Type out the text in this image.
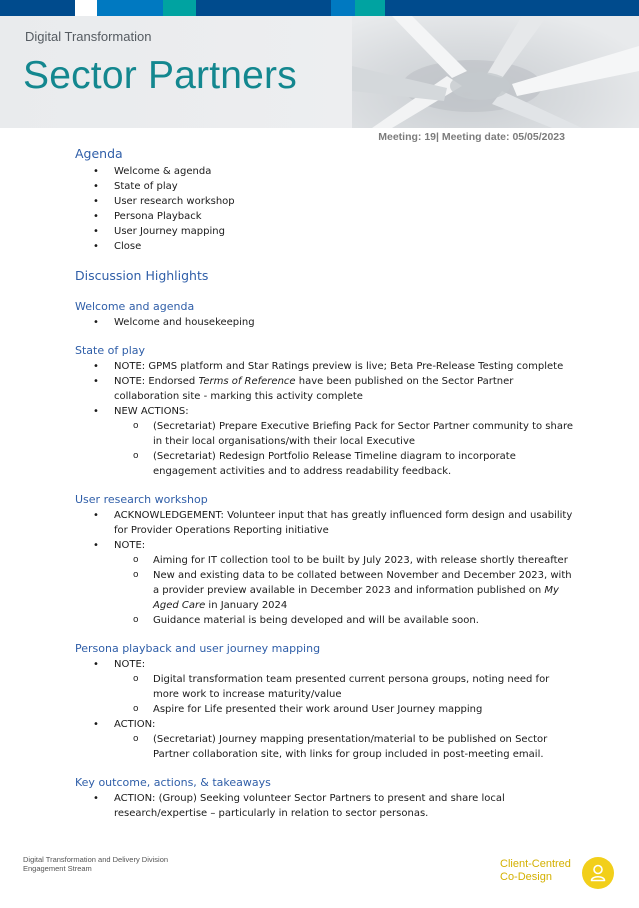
Digital Transformation
Sector Partners
Meeting: 19| Meeting date: 05/05/2023
Agenda
• Welcome & agenda
• State of play
• User research workshop
• Persona Playback
• User Journey mapping
• Close
Discussion Highlights
Welcome and agenda
• Welcome and housekeeping
State of play
• NOTE: GPMS platform and Star Ratings preview is live; Beta Pre-Release Testing complete
• NOTE: Endorsed Terms of Reference have been published on the Sector Partner collaboration site - marking this activity complete
• NEW ACTIONS:
o (Secretariat) Prepare Executive Briefing Pack for Sector Partner community to share in their local organisations/with their local Executive
o (Secretariat) Redesign Portfolio Release Timeline diagram to incorporate engagement activities and to address readability feedback.
User research workshop
• ACKNOWLEDGEMENT: Volunteer input that has greatly influenced form design and usability for Provider Operations Reporting initiative
• NOTE:
o Aiming for IT collection tool to be built by July 2023, with release shortly thereafter
o New and existing data to be collated between November and December 2023, with a provider preview available in December 2023 and information published on My Aged Care in January 2024
o Guidance material is being developed and will be available soon.
Persona playback and user journey mapping
• NOTE:
o Digital transformation team presented current persona groups, noting need for more work to increase maturity/value
o Aspire for Life presented their work around User Journey mapping
• ACTION:
o (Secretariat) Journey mapping presentation/material to be published on Sector Partner collaboration site, with links for group included in post-meeting email.
Key outcome, actions, & takeaways
• ACTION: (Group) Seeking volunteer Sector Partners to present and share local research/expertise – particularly in relation to sector personas.
Digital Transformation and Delivery Division
Engagement Stream	Client-Centred
Co-Design
